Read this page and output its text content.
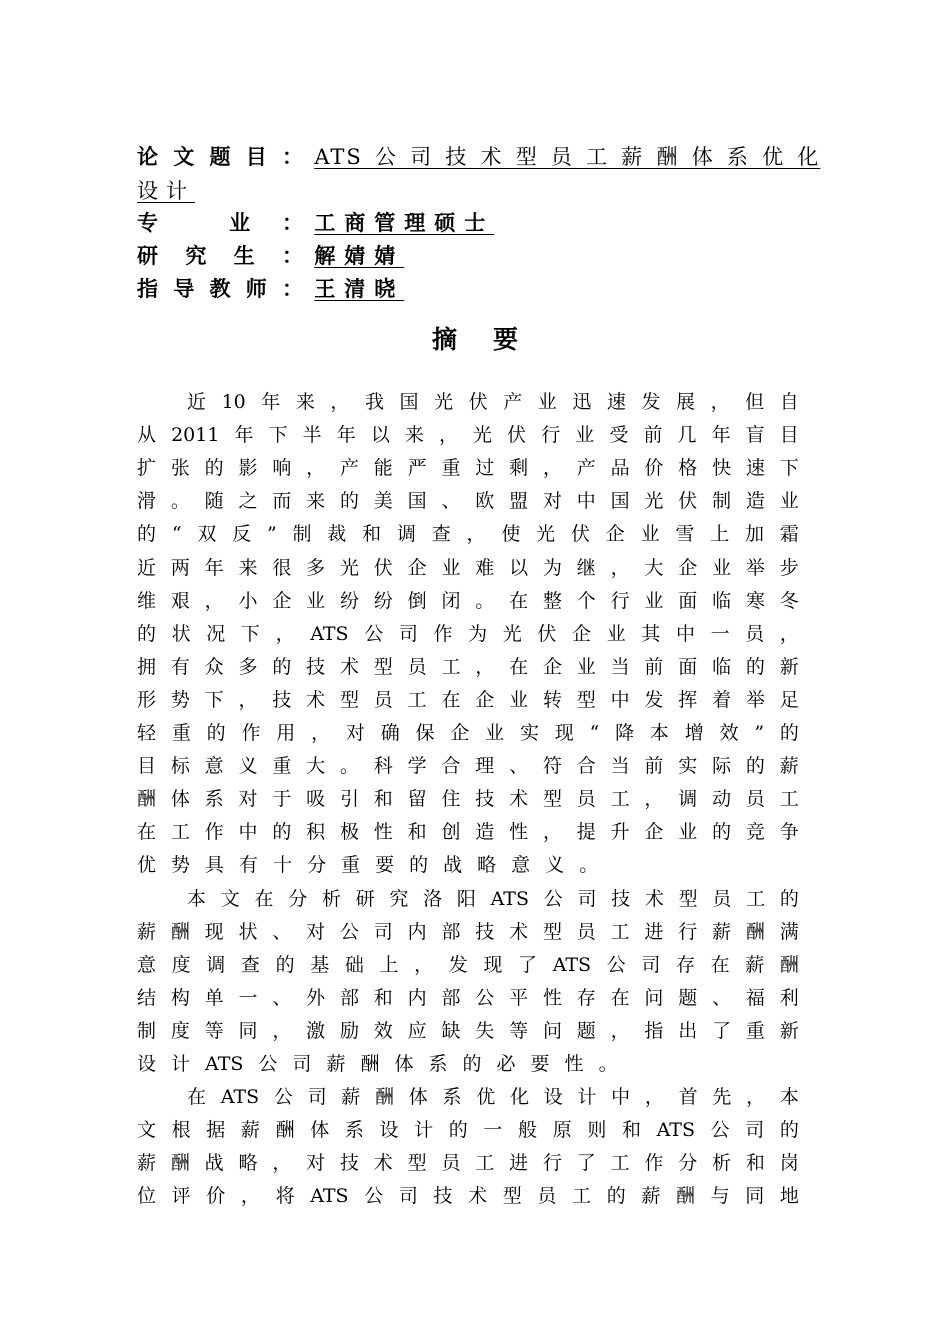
论文题目： ATS公司技术型员工薪酬体系优化
设计
专 业： 工商管理硕士
研究生： 解婧婧
指导教师： 王清晓
摘要
近 10 年 来 ， 我 国 光 伏 产 业 迅 速 发 展 ， 但 自
从 2011 年 下 半 年 以 来 ， 光 伏 行 业 受 前 几 年 盲 目
扩 张 的 影 响 ， 产 能 严 重 过 剩 ， 产 品 价 格 快 速 下
滑 。 随 之 而 来 的 美 国 、 欧 盟 对 中 国 光 伏 制 造 业
的 “ 双 反 ” 制 裁 和 调 查 ， 使 光 伏 企 业 雪 上 加 霜
近 两 年 来 很 多 光 伏 企 业 难 以 为 继 ， 大 企 业 举 步
维 艰 ， 小 企 业 纷 纷 倒 闭 。 在 整 个 行 业 面 临 寒 冬
的 状 况 下 ， ATS 公 司 作 为 光 伏 企 业 其 中 一 员 ，
拥 有 众 多 的 技 术 型 员 工 ， 在 企 业 当 前 面 临 的 新
形 势 下 ， 技 术 型 员 工 在 企 业 转 型 中 发 挥 着 举 足
轻 重 的 作 用 ， 对 确 保 企 业 实 现 “ 降 本 增 效 ” 的
目 标 意 义 重 大 。 科 学 合 理 、 符 合 当 前 实 际 的 薪
酬 体 系 对 于 吸 引 和 留 住 技 术 型 员 工 ， 调 动 员 工
在 工 作 中 的 积 极 性 和 创 造 性 ， 提 升 企 业 的 竞 争
优 势 具 有 十 分 重 要 的 战 略 意 义 。
本 文 在 分 析 研 究 洛 阳 ATS 公 司 技 术 型 员 工 的
薪 酬 现 状 、 对 公 司 内 部 技 术 型 员 工 进 行 薪 酬 满
意 度 调 查 的 基 础 上 ， 发 现 了 ATS 公 司 存 在 薪 酬
结 构 单 一 、 外 部 和 内 部 公 平 性 存 在 问 题 、 福 利
制 度 等 同 ， 激 励 效 应 缺 失 等 问 题 ， 指 出 了 重 新
设 计 ATS 公 司 薪 酬 体 系 的 必 要 性 。
在 ATS 公 司 薪 酬 体 系 优 化 设 计 中 ， 首 先 ， 本
文 根 据 薪 酬 体 系 设 计 的 一 般 原 则 和 ATS 公 司 的
薪 酬 战 略 ， 对 技 术 型 员 工 进 行 了 工 作 分 析 和 岗
位 评 价 ， 将 ATS 公 司 技 术 型 员 工 的 薪 酬 与 同 地
